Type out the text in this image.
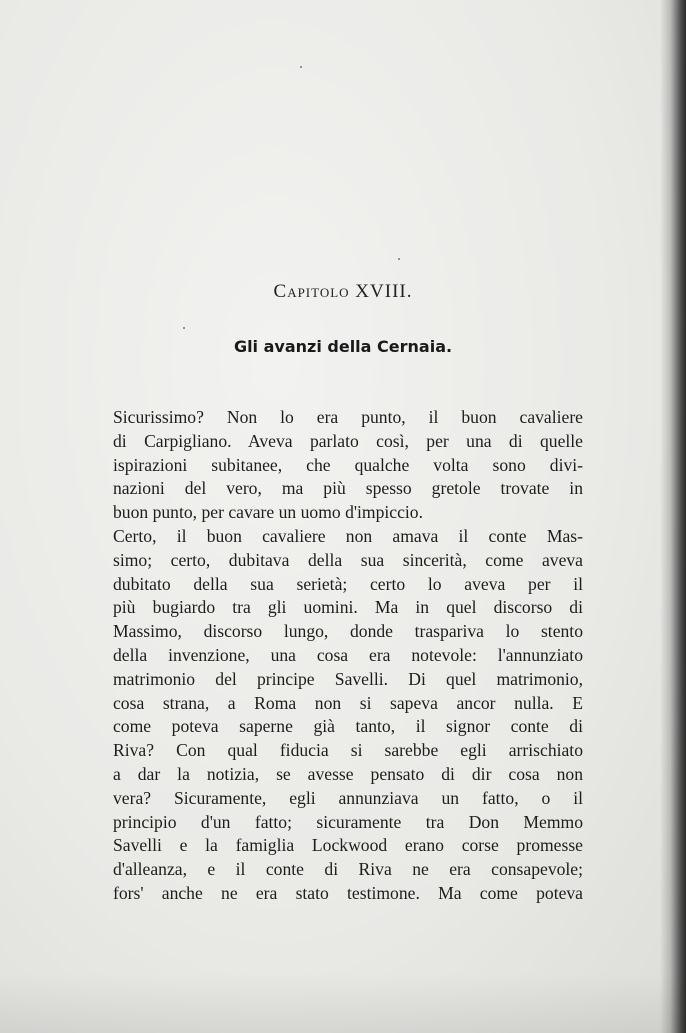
Capitolo XVIII.
Gli avanzi della Cernaia.
Sicurissimo? Non lo era punto, il buon cavaliere
di Carpigliano. Aveva parlato così, per una di quelle
ispirazioni subitanee, che qualche volta sono divi-
nazioni del vero, ma più spesso gretole trovate in
buon punto, per cavare un uomo d'impiccio.
Certo, il buon cavaliere non amava il conte Mas-
simo; certo, dubitava della sua sincerità, come aveva
dubitato della sua serietà; certo lo aveva per il
più bugiardo tra gli uomini. Ma in quel discorso di
Massimo, discorso lungo, donde traspariva lo stento
della invenzione, una cosa era notevole: l'annunziato
matrimonio del principe Savelli. Di quel matrimonio,
cosa strana, a Roma non si sapeva ancor nulla. E
come poteva saperne già tanto, il signor conte di
Riva? Con qual fiducia si sarebbe egli arrischiato
a dar la notizia, se avesse pensato di dir cosa non
vera? Sicuramente, egli annunziava un fatto, o il
principio d'un fatto; sicuramente tra Don Memmo
Savelli e la famiglia Lockwood erano corse promesse
d'alleanza, e il conte di Riva ne era consapevole;
fors' anche ne era stato testimone. Ma come poteva
